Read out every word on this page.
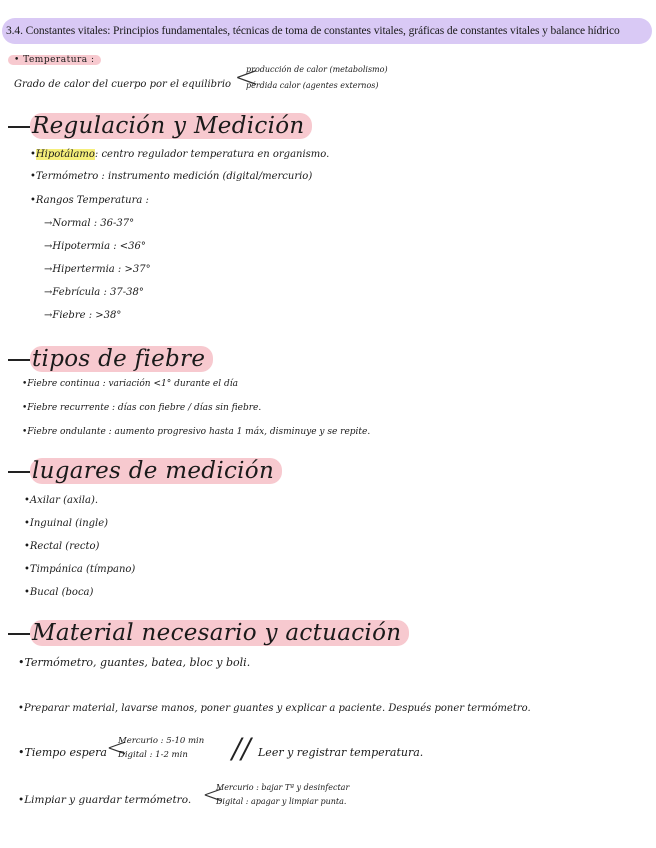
3.4. Constantes vitales: Principios fundamentales, técnicas de toma de constantes vitales, gráficas de constantes vitales y balance hídrico
• Temperatura :
Grado de calor del cuerpo por el equilibrio <
producción de calor (metabolismo)
pérdida calor (agentes externos)
Regulación y Medición
•Hipotálamo: centro regulador temperatura en organismo.
•Termómetro : instrumento medición (digital/mercurio)
•Rangos Temperatura :
→Normal : 36-37°
→Hipotermia : <36°
→Hipertermia : >37°
→Febrícula : 37-38°
→Fiebre : >38°
tipos de fiebre
•Fiebre continua : variación <1° durante el día
•Fiebre recurrente : días con fiebre / días sin fiebre.
•Fiebre ondulante : aumento progresivo hasta 1 máx, disminuye y se repite.
lugares de medición
•Axilar (axila).
•Inguinal (ingle)
•Rectal (recto)
•Timpánica (tímpano)
•Bucal (boca)
Material necesario y actuación
•Termómetro, guantes, batea, bloc y boli.
•Preparar material, lavarse manos, poner guantes y explicar a paciente. Después poner termómetro.
•Tiempo espera <
Mercurio : 5-10 min
Digital : 1-2 min // Leer y registrar temperatura.
•Limpiar y guardar termómetro. <
Mercurio : bajar Tª y desinfectar
Digital : apagar y limpiar punta.
